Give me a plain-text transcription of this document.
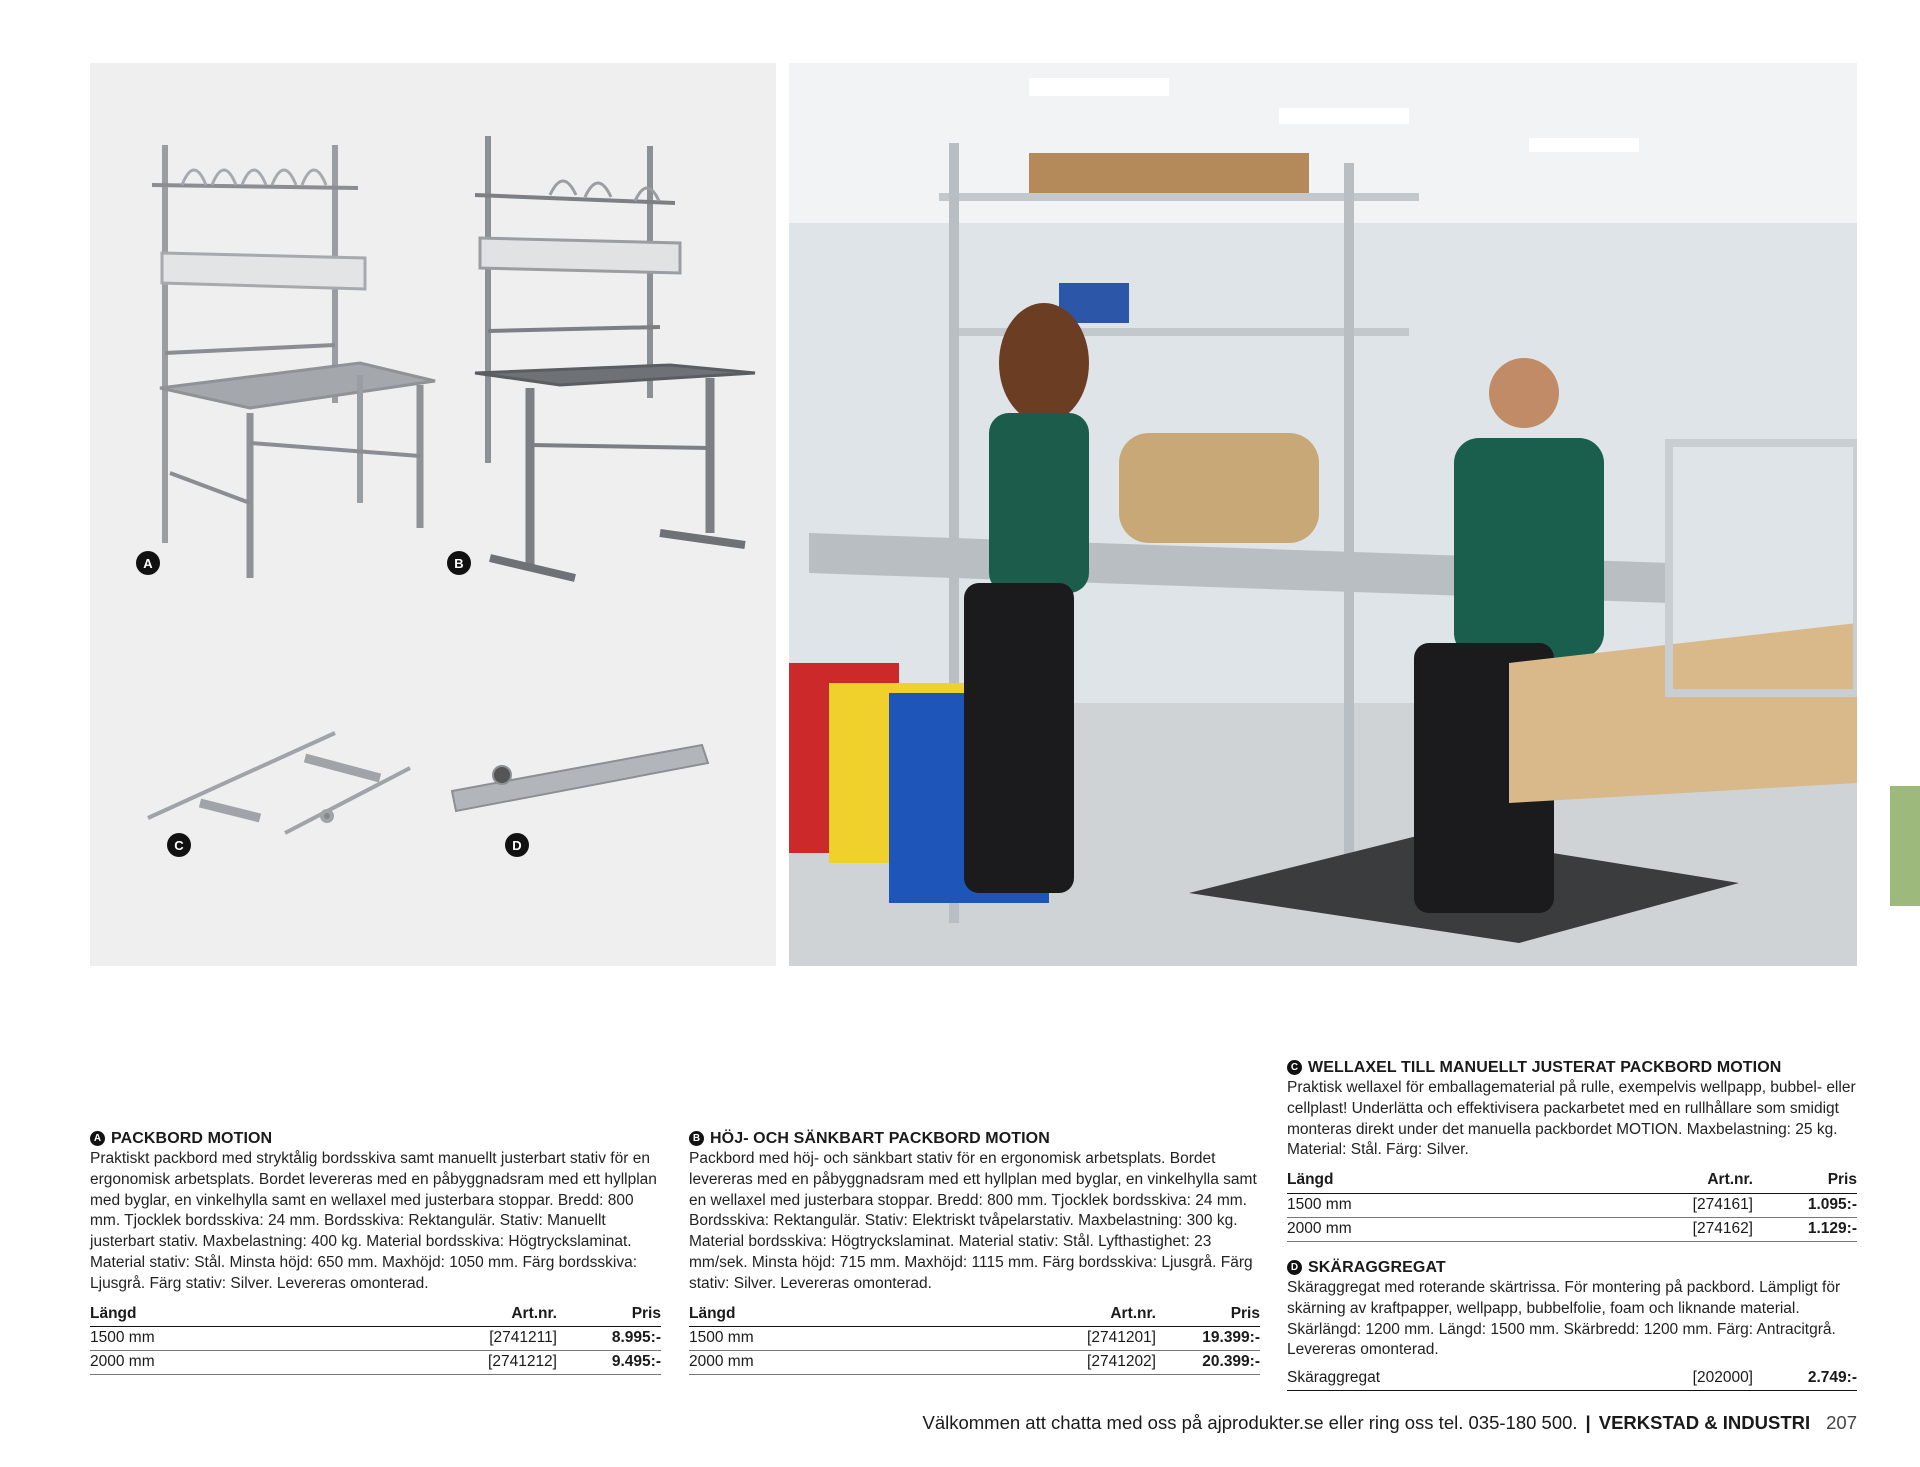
A	B
C	D
A PACKBORD MOTION

Praktiskt packbord med stryktålig bordsskiva samt manuellt justerbart stativ för en ergonomisk arbetsplats. Bordet levereras med en påbyggnadsram med ett hyllplan med byglar, en vinkelhylla samt en wellaxel med justerbara stoppar. Bredd: 800 mm. Tjocklek bordsskiva: 24 mm. Bordsskiva: Rektangulär. Stativ: Manuellt justerbart stativ. Maxbelastning: 400 kg. Material bordsskiva: Högtryckslaminat. Material stativ: Stål. Minsta höjd: 650 mm. Maxhöjd: 1050 mm. Färg bordsskiva: Ljusgrå. Färg stativ: Silver. Levereras omonterad.

Längd	Art.nr.	Pris
1500 mm	[2741211]	8.995:-
2000 mm	[2741212]	9.495:-
B HÖJ- OCH SÄNKBART PACKBORD MOTION

Packbord med höj- och sänkbart stativ för en ergonomisk arbetsplats. Bordet levereras med en påbyggnadsram med ett hyllplan med byglar, en vinkelhylla samt en wellaxel med justerbara stoppar. Bredd: 800 mm. Tjocklek bordsskiva: 24 mm. Bordsskiva: Rektangulär. Stativ: Elektriskt tvåpelarstativ. Maxbelastning: 300 kg. Material bordsskiva: Högtryckslaminat. Material stativ: Stål. Lyfthastighet: 23 mm/sek. Minsta höjd: 715 mm. Maxhöjd: 1115 mm. Färg bordsskiva: Ljusgrå. Färg stativ: Silver. Levereras omonterad.

Längd	Art.nr.	Pris
1500 mm	[2741201]	19.399:-
2000 mm	[2741202]	20.399:-
C WELLAXEL TILL MANUELLT JUSTERAT PACKBORD MOTION

Praktisk wellaxel för emballagematerial på rulle, exempelvis wellpapp, bubbel- eller cellplast! Underlätta och effektivisera packarbetet med en rullhållare som smidigt monteras direkt under det manuella packbordet MOTION. Maxbelastning: 25 kg. Material: Stål. Färg: Silver.

Längd	Art.nr.	Pris
1500 mm	[274161]	1.095:-
2000 mm	[274162]	1.129:-
D SKÄRAGGREGAT

Skäraggregat med roterande skärtrissa. För montering på packbord. Lämpligt för skärning av kraftpapper, wellpapp, bubbelfolie, foam och liknande material. Skärlängd: 1200 mm. Längd: 1500 mm. Skärbredd: 1200 mm. Färg: Antracitgrå. Levereras omonterad.

Skäraggregat	[202000]	2.749:-
Välkommen att chatta med oss på ajprodukter.se eller ring oss tel. 035-180 500. | VERKSTAD & INDUSTRI 207
